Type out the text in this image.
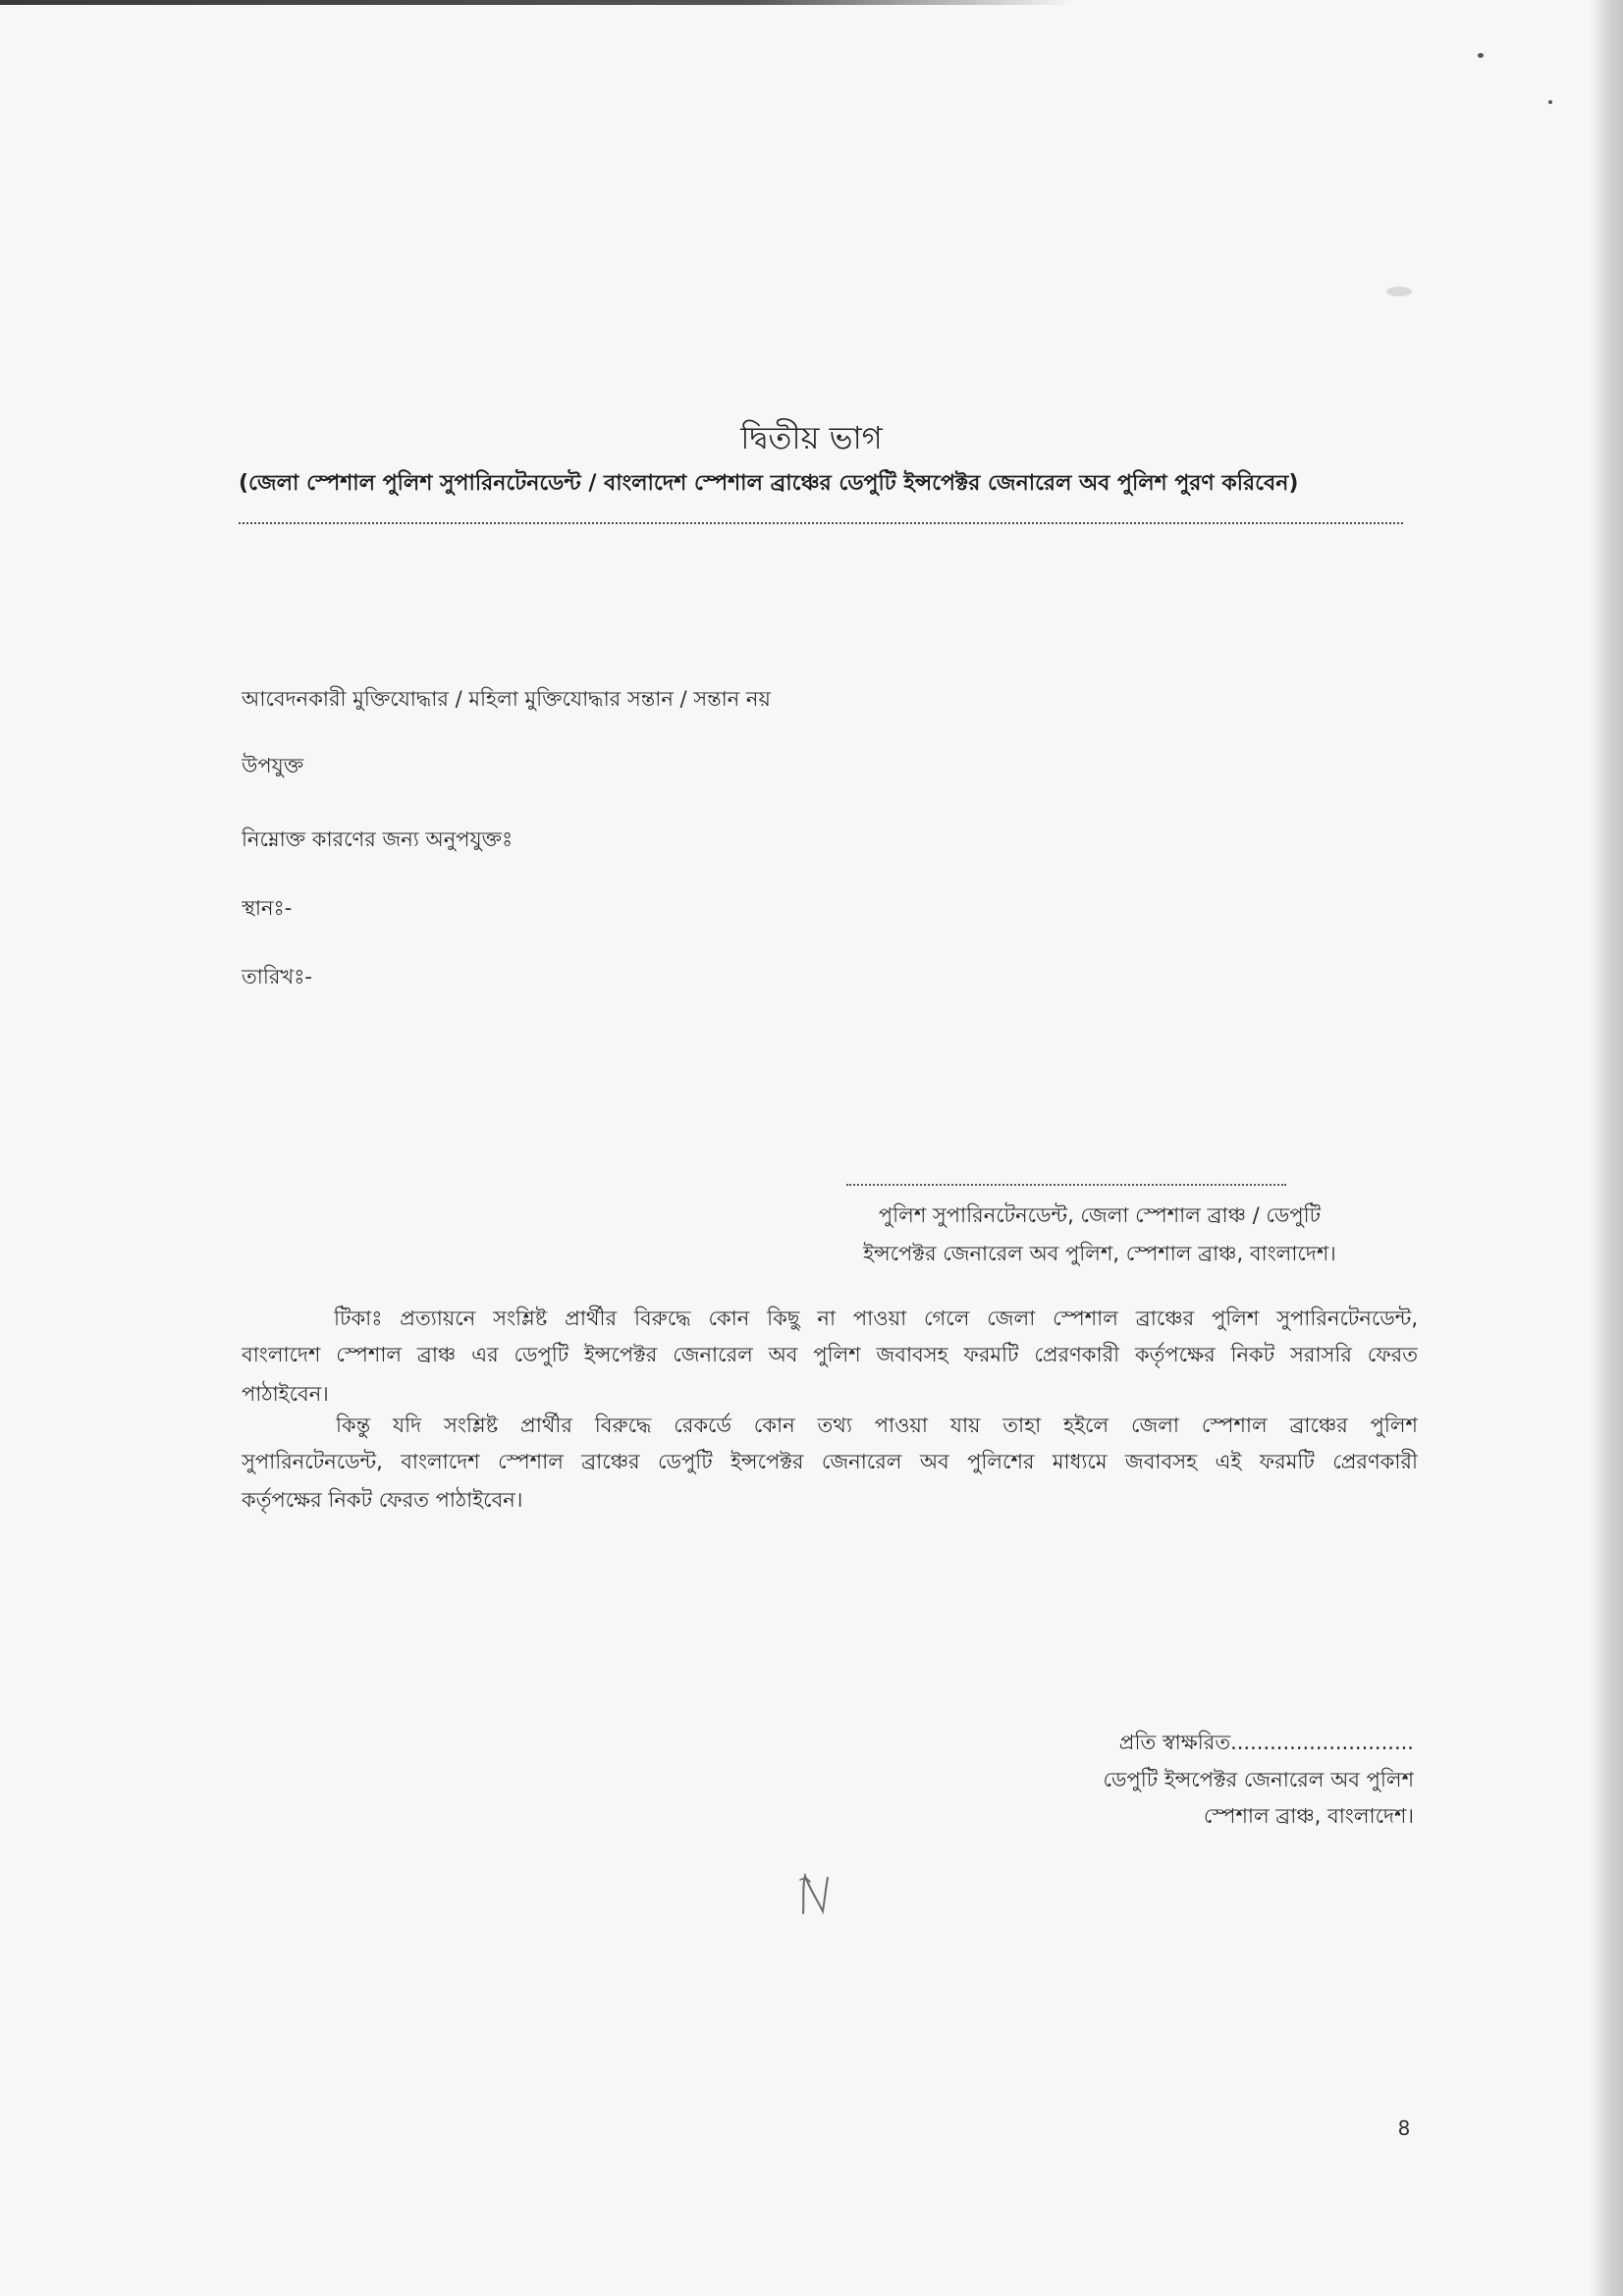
দ্বিতীয় ভাগ
(জেলা স্পেশাল পুলিশ সুপারিনটেনডেন্ট / বাংলাদেশ স্পেশাল ব্রাঞ্চের ডেপুটি ইন্সপেক্টর জেনারেল অব পুলিশ পুরণ করিবেন)
আবেদনকারী মুক্তিযোদ্ধার / মহিলা মুক্তিযোদ্ধার সন্তান / সন্তান নয়
উপযুক্ত
নিম্নোক্ত কারণের জন্য অনুপযুক্তঃ
স্থানঃ-
তারিখঃ-
পুলিশ সুপারিনটেনডেন্ট, জেলা স্পেশাল ব্রাঞ্চ / ডেপুটি
ইন্সপেক্টর জেনারেল অব পুলিশ, স্পেশাল ব্রাঞ্চ, বাংলাদেশ।
টিকাঃ প্রত্যায়নে সংশ্লিষ্ট প্রার্থীর বিরুদ্ধে কোন কিছু না পাওয়া গেলে জেলা স্পেশাল ব্রাঞ্চের পুলিশ সুপারিনটেনডেন্ট,
বাংলাদেশ স্পেশাল ব্রাঞ্চ এর ডেপুটি ইন্সপেক্টর জেনারেল অব পুলিশ জবাবসহ ফরমটি প্রেরণকারী কর্তৃপক্ষের নিকট সরাসরি ফেরত
পাঠাইবেন।
কিন্তু যদি সংশ্লিষ্ট প্রার্থীর বিরুদ্ধে রেকর্ডে কোন তথ্য পাওয়া যায় তাহা হইলে জেলা স্পেশাল ব্রাঞ্চের পুলিশ
সুপারিনটেনডেন্ট, বাংলাদেশ স্পেশাল ব্রাঞ্চের ডেপুটি ইন্সপেক্টর জেনারেল অব পুলিশের মাধ্যমে জবাবসহ এই ফরমটি প্রেরণকারী
কর্তৃপক্ষের নিকট ফেরত পাঠাইবেন।
প্রতি স্বাক্ষরিত............................
ডেপুটি ইন্সপেক্টর জেনারেল অব পুলিশ
স্পেশাল ব্রাঞ্চ, বাংলাদেশ।
8
